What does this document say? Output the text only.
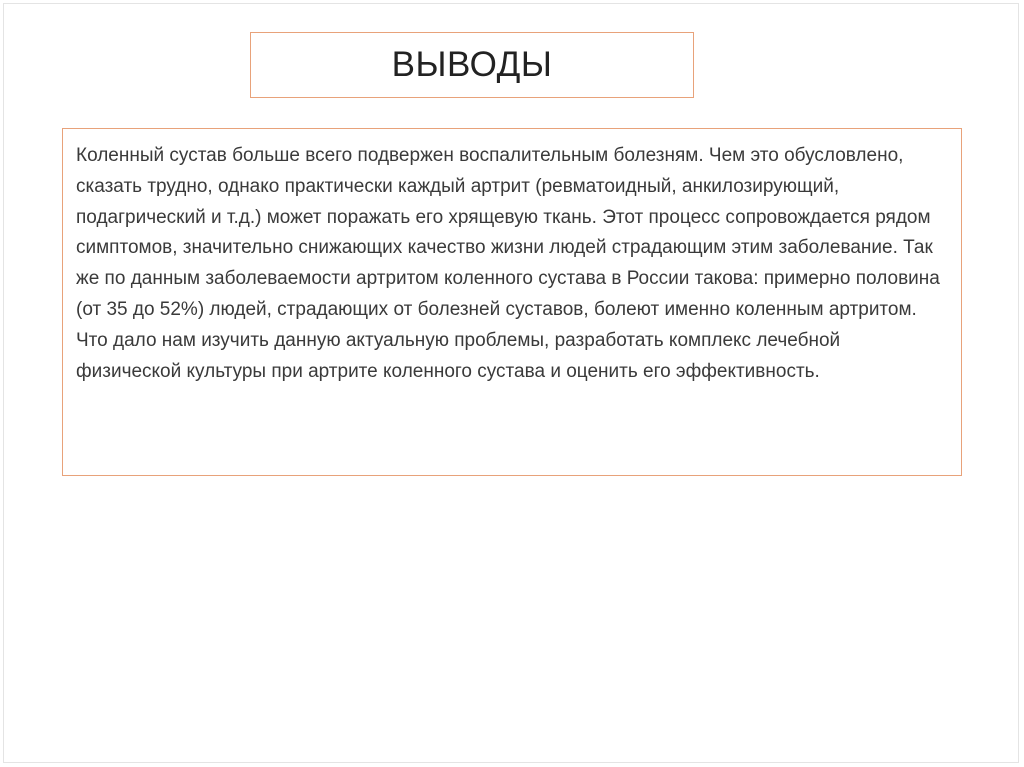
ВЫВОДЫ

Коленный сустав больше всего подвержен воспалительным болезням. Чем это обусловлено, сказать трудно, однако практически каждый артрит (ревматоидный, анкилозирующий, подагрический и т.д.) может поражать его хрящевую ткань. Этот процесс сопровождается рядом симптомов, значительно снижающих качество жизни людей страдающим этим заболевание. Так же по данным заболеваемости артритом коленного сустава в России такова: примерно половина (от 35 до 52%) людей, страдающих от болезней суставов, болеют именно коленным артритом. Что дало нам изучить данную актуальную проблемы, разработать комплекс лечебной физической культуры при артрите коленного сустава и оценить его эффективность.
